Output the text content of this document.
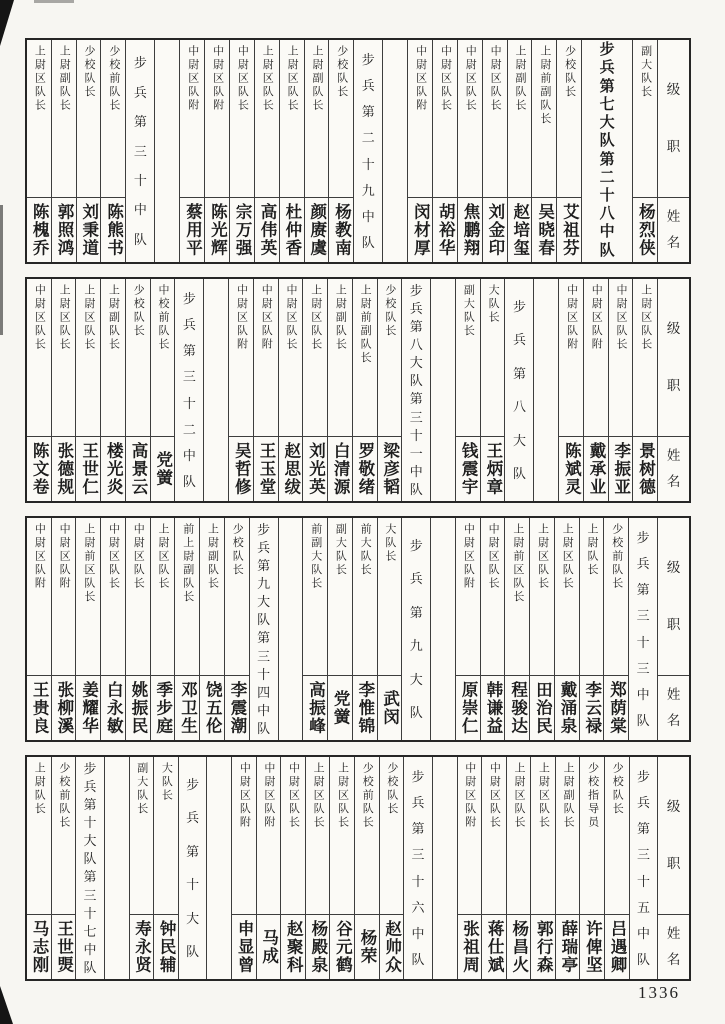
级
职
姓
名
副大队长
杨烈侠
步
兵
第
七
大
队
第
二
十
八
中
队
少校队长
艾祖芬
上尉前副队长
吴晓春
上尉副队长
赵培玺
中尉区队长
刘金印
中尉区队长
焦鹏翔
中尉区队长
胡裕华
中尉区队附
闵材厚
步
兵
第
二
十
九
中
队
少校队长
杨教南
上尉副队长
颜赓虞
上尉区队长
杜仲香
上尉区队长
高伟英
中尉区队长
宗万强
中尉区队附
陈光辉
中尉区队附
蔡用平
步
兵
第
三
十
中
队
少校前队长
陈熊书
少校队长
刘秉道
上尉副队长
郭照鸿
上尉区队长
陈槐乔
级
职
姓
名
上尉区队长
景树德
中尉区队长
李振亚
中尉区队附
戴承业
中尉区队附
陈斌灵
步
兵
第
八
大
队
大队长
王炳章
副大队长
钱震宇
步
兵
第
八
大
队
第
三
十
一
中
队
少校队长
梁彦韬
上尉前副队长
罗敬绪
上尉副队长
白清源
上尉区队长
刘光英
中尉区队长
赵思绂
中尉区队附
王玉堂
中尉区队附
吴哲修
步
兵
第
三
十
二
中
队
中校前队长
党黉
少校队长
高景云
上尉副队长
楼光炎
上尉区队长
王世仁
上尉区队长
张德规
中尉区队长
陈文卷
级
职
姓
名
步
兵
第
三
十
三
中
队
少校前队长
郑荫棠
上尉队长
李云禄
上尉区队长
戴涌泉
上尉区队长
田治民
上尉前区队长
程骏达
中尉区队长
韩谦益
中尉区队附
原崇仁
步
兵
第
九
大
队
大队长
武闵
前大队长
李惟锦
副大队长
党黉
前副大队长
高振峰
步
兵
第
九
大
队
第
三
十
四
中
队
少校队长
李震潮
上尉副队长
饶五伦
前上尉副队长
邓卫生
上尉区队长
季步庭
中尉区队长
姚振民
中尉区队长
白永敏
上尉前区队长
姜耀华
中尉区队附
张柳溪
中尉区队附
王贵良
级
职
姓
名
步
兵
第
三
十
五
中
队
少校队长
吕遇卿
少校指导员
许俾坚
上尉副队长
薛瑞亭
上尉区队长
郭行森
上尉区队长
杨昌火
中尉区队长
蒋仕斌
中尉区队附
张祖周
步
兵
第
三
十
六
中
队
少校队长
赵帅众
少校前队长
杨荣
上尉区队长
谷元鹤
上尉区队长
杨殿泉
中尉区队长
赵聚科
中尉区队附
马成
中尉区队附
申显曾
步
兵
第
十
大
队
大队长
钟民辅
副大队长
寿永贤
步
兵
第
十
大
队
第
三
十
七
中
队
少校前队长
王世煚
上尉队长
马志刚
1336
